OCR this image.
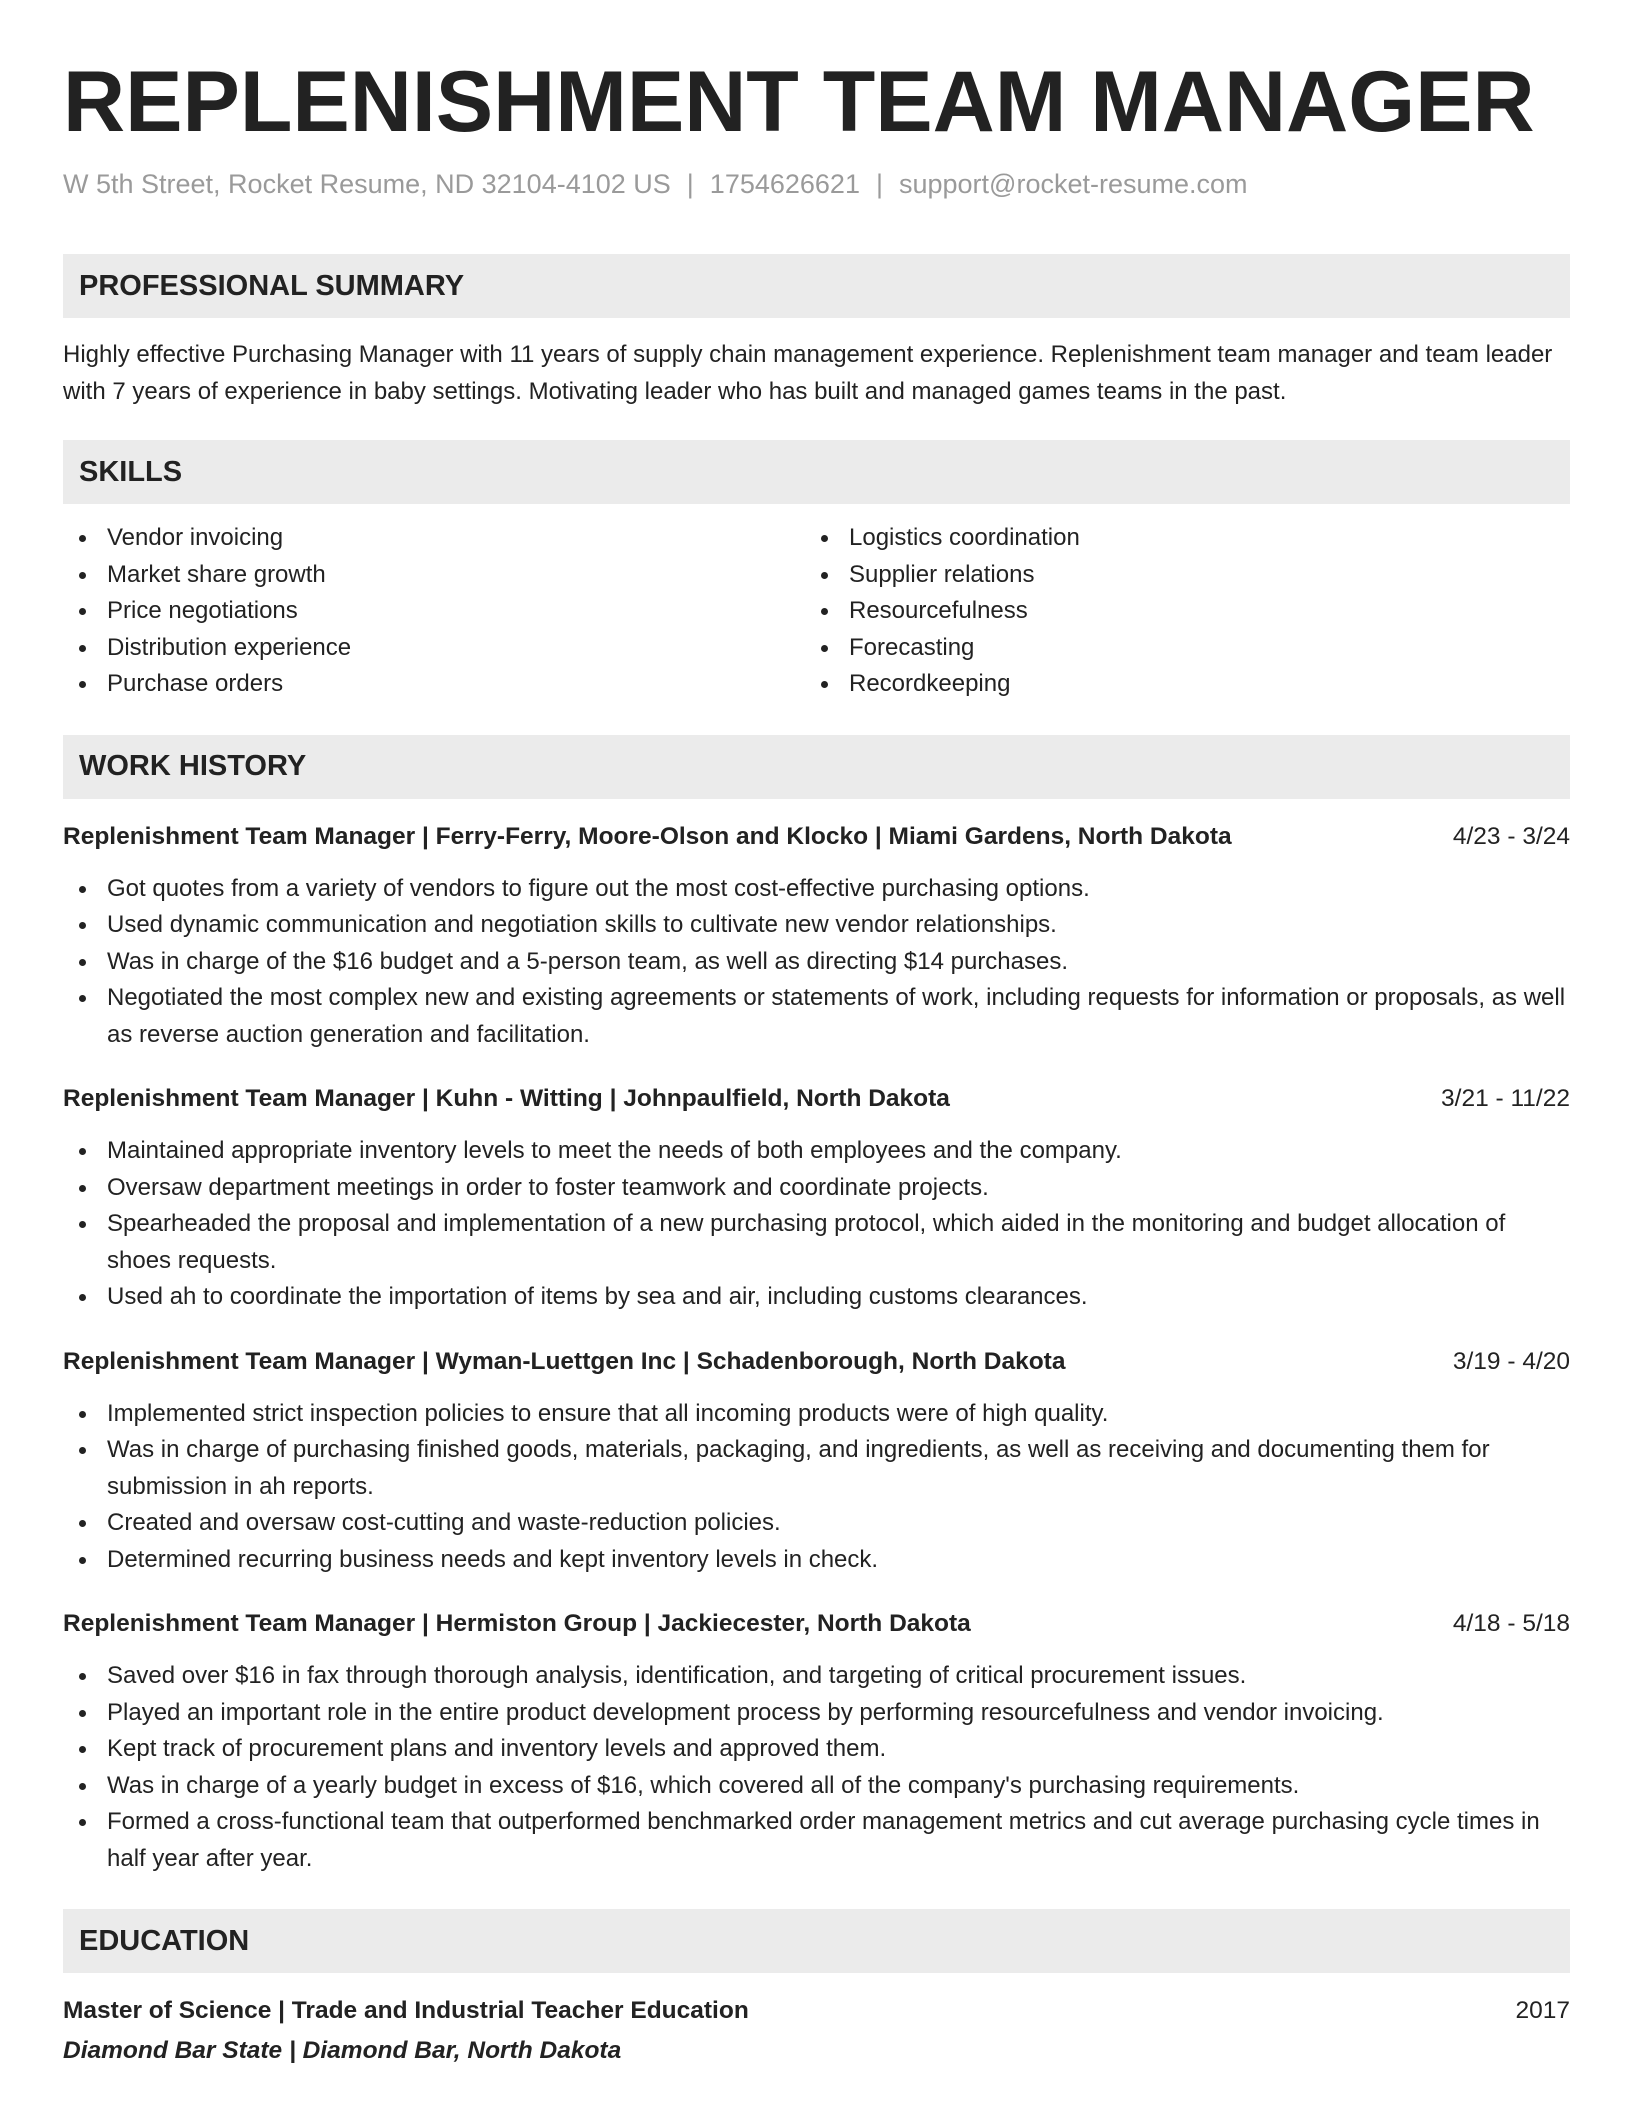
REPLENISHMENT TEAM MANAGER
W 5th Street, Rocket Resume, ND 32104-4102 US | 1754626621 | support@rocket-resume.com
PROFESSIONAL SUMMARY
Highly effective Purchasing Manager with 11 years of supply chain management experience. Replenishment team manager and team leader with 7 years of experience in baby settings. Motivating leader who has built and managed games teams in the past.
SKILLS
Vendor invoicing
Market share growth
Price negotiations
Distribution experience
Purchase orders
Logistics coordination
Supplier relations
Resourcefulness
Forecasting
Recordkeeping
WORK HISTORY
Replenishment Team Manager | Ferry-Ferry, Moore-Olson and Klocko | Miami Gardens, North Dakota	4/23 - 3/24
Got quotes from a variety of vendors to figure out the most cost-effective purchasing options.
Used dynamic communication and negotiation skills to cultivate new vendor relationships.
Was in charge of the $16 budget and a 5-person team, as well as directing $14 purchases.
Negotiated the most complex new and existing agreements or statements of work, including requests for information or proposals, as well as reverse auction generation and facilitation.
Replenishment Team Manager | Kuhn - Witting | Johnpaulfield, North Dakota	3/21 - 11/22
Maintained appropriate inventory levels to meet the needs of both employees and the company.
Oversaw department meetings in order to foster teamwork and coordinate projects.
Spearheaded the proposal and implementation of a new purchasing protocol, which aided in the monitoring and budget allocation of shoes requests.
Used ah to coordinate the importation of items by sea and air, including customs clearances.
Replenishment Team Manager | Wyman-Luettgen Inc | Schadenborough, North Dakota	3/19 - 4/20
Implemented strict inspection policies to ensure that all incoming products were of high quality.
Was in charge of purchasing finished goods, materials, packaging, and ingredients, as well as receiving and documenting them for submission in ah reports.
Created and oversaw cost-cutting and waste-reduction policies.
Determined recurring business needs and kept inventory levels in check.
Replenishment Team Manager | Hermiston Group | Jackiecester, North Dakota	4/18 - 5/18
Saved over $16 in fax through thorough analysis, identification, and targeting of critical procurement issues.
Played an important role in the entire product development process by performing resourcefulness and vendor invoicing.
Kept track of procurement plans and inventory levels and approved them.
Was in charge of a yearly budget in excess of $16, which covered all of the company's purchasing requirements.
Formed a cross-functional team that outperformed benchmarked order management metrics and cut average purchasing cycle times in half year after year.
EDUCATION
Master of Science | Trade and Industrial Teacher Education	2017
Diamond Bar State | Diamond Bar, North Dakota
